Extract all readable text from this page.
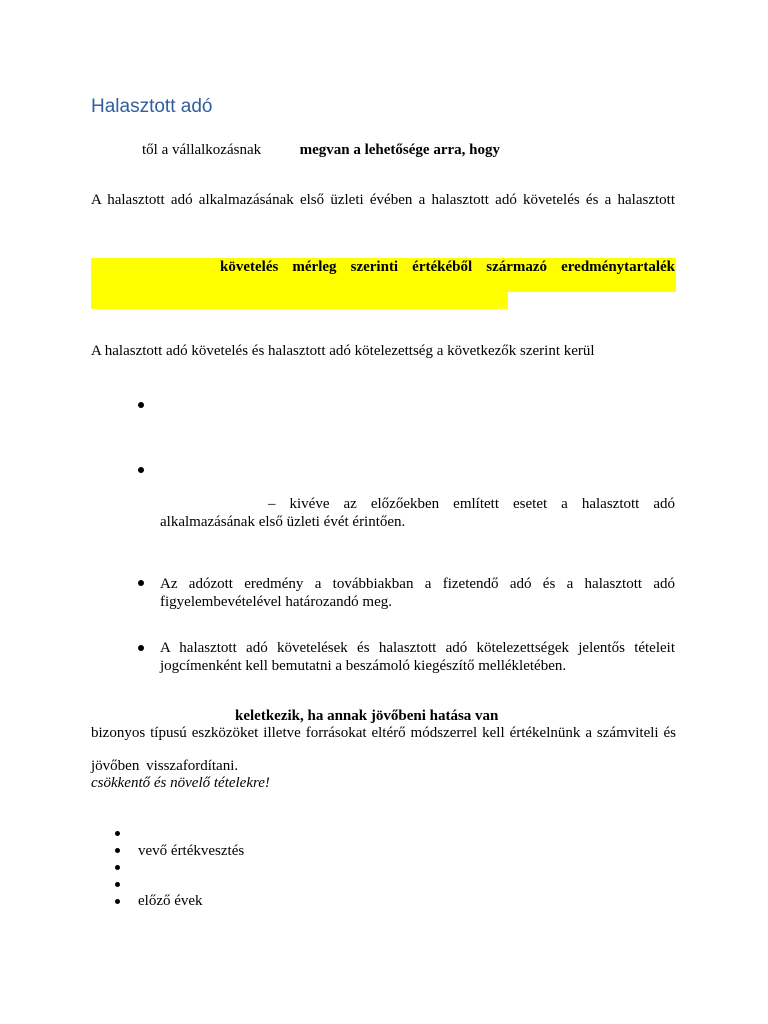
Halasztott adó
től a vállalkozásnak	megvan a lehetősége arra, hogy
A halasztott adó alkalmazásának első üzleti évében a halasztott adó követelés és a halasztott
követelés mérleg szerinti értékéből származó eredménytartalék
A halasztott adó követelés és halasztott adó kötelezettség a következők szerint kerül
– kivéve az előzőekben említett esetet a halasztott adó
alkalmazásának első üzleti évét érintően.
Az adózott eredmény a továbbiakban a fizetendő adó és a halasztott adó
figyelembevételével határozandó meg.
A halasztott adó követelések és halasztott adó kötelezettségek jelentős tételeit
jogcímenként kell bemutatni a beszámoló kiegészítő mellékletében.
keletkezik, ha annak jövőbeni hatása van
bizonyos típusú eszközöket illetve forrásokat eltérő módszerrel kell értékelnünk a számviteli és
jövőben visszafordítani.
csökkentő és növelő tételekre!
vevő értékvesztés
előző évek
